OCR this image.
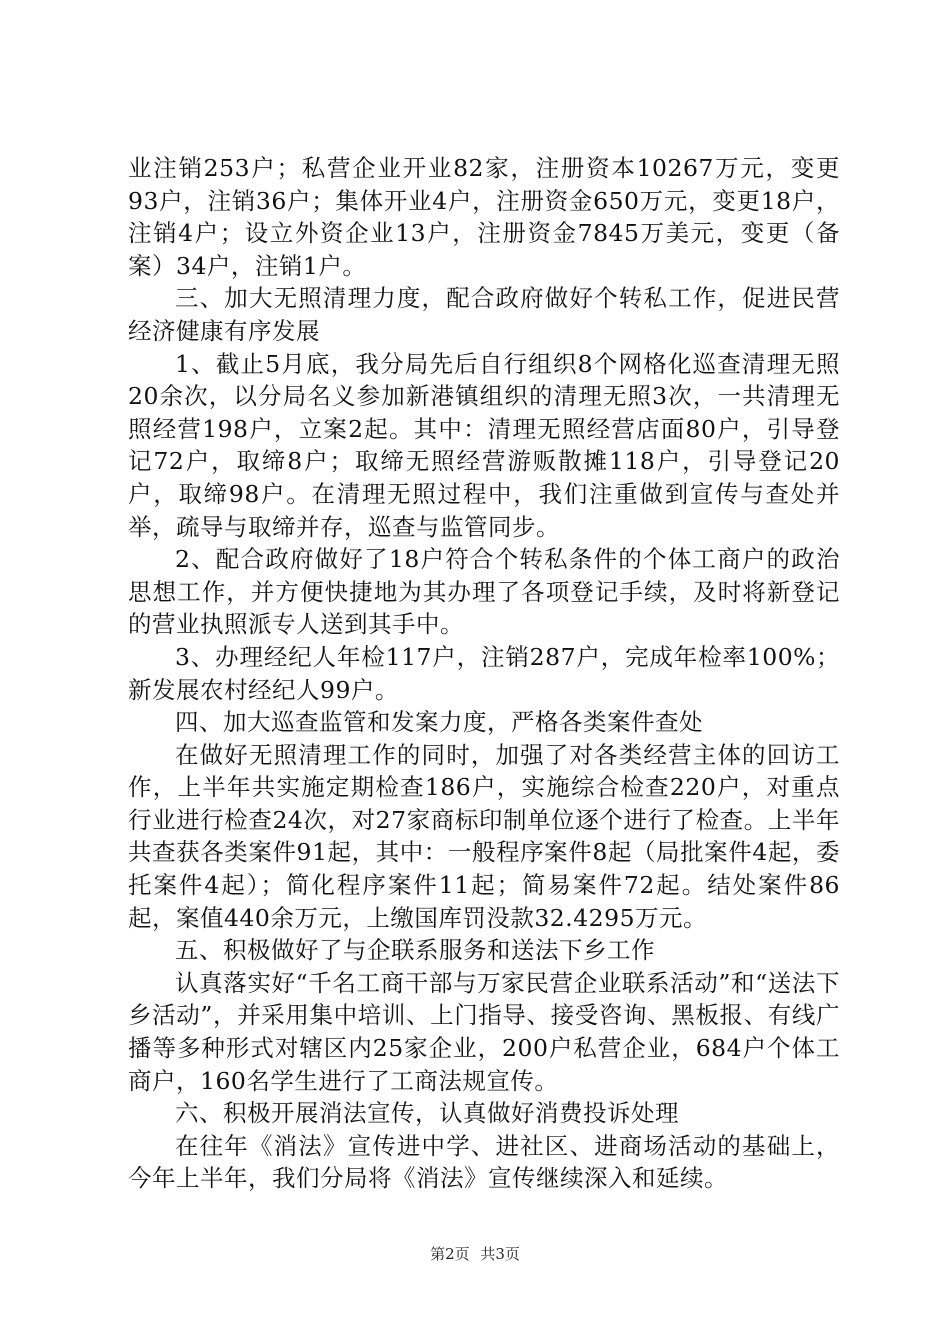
业注销253户；私营企业开业82家，注册资本10267万元，变更93户，注销36户；集体开业4户，注册资金650万元，变更18户，注销4户；设立外资企业13户，注册资金7845万美元，变更（备案）34户，注销1户。

三、加大无照清理力度，配合政府做好个转私工作，促进民营经济健康有序发展

1、截止5月底，我分局先后自行组织8个网格化巡查清理无照20余次，以分局名义参加新港镇组织的清理无照3次，一共清理无照经营198户，立案2起。其中：清理无照经营店面80户，引导登记72户，取缔8户；取缔无照经营游贩散摊118户，引导登记20户，取缔98户。在清理无照过程中，我们注重做到宣传与查处并举，疏导与取缔并存，巡查与监管同步。

2、配合政府做好了18户符合个转私条件的个体工商户的政治思想工作，并方便快捷地为其办理了各项登记手续，及时将新登记的营业执照派专人送到其手中。

3、办理经纪人年检117户，注销287户，完成年检率100%；新发展农村经纪人99户。

四、加大巡查监管和发案力度，严格各类案件查处

在做好无照清理工作的同时，加强了对各类经营主体的回访工作，上半年共实施定期检查186户，实施综合检查220户，对重点行业进行检查24次，对27家商标印制单位逐个进行了检查。上半年共查获各类案件91起，其中：一般程序案件8起（局批案件4起，委托案件4起）；简化程序案件11起；简易案件72起。结处案件86起，案值440余万元，上缴国库罚没款32.4295万元。

五、积极做好了与企联系服务和送法下乡工作

认真落实好“千名工商干部与万家民营企业联系活动”和“送法下乡活动”，并采用集中培训、上门指导、接受咨询、黑板报、有线广播等多种形式对辖区内25家企业，200户私营企业，684户个体工商户，160名学生进行了工商法规宣传。

六、积极开展消法宣传，认真做好消费投诉处理

在往年《消法》宣传进中学、进社区、进商场活动的基础上，今年上半年，我们分局将《消法》宣传继续深入和延续。

第2页 共3页
